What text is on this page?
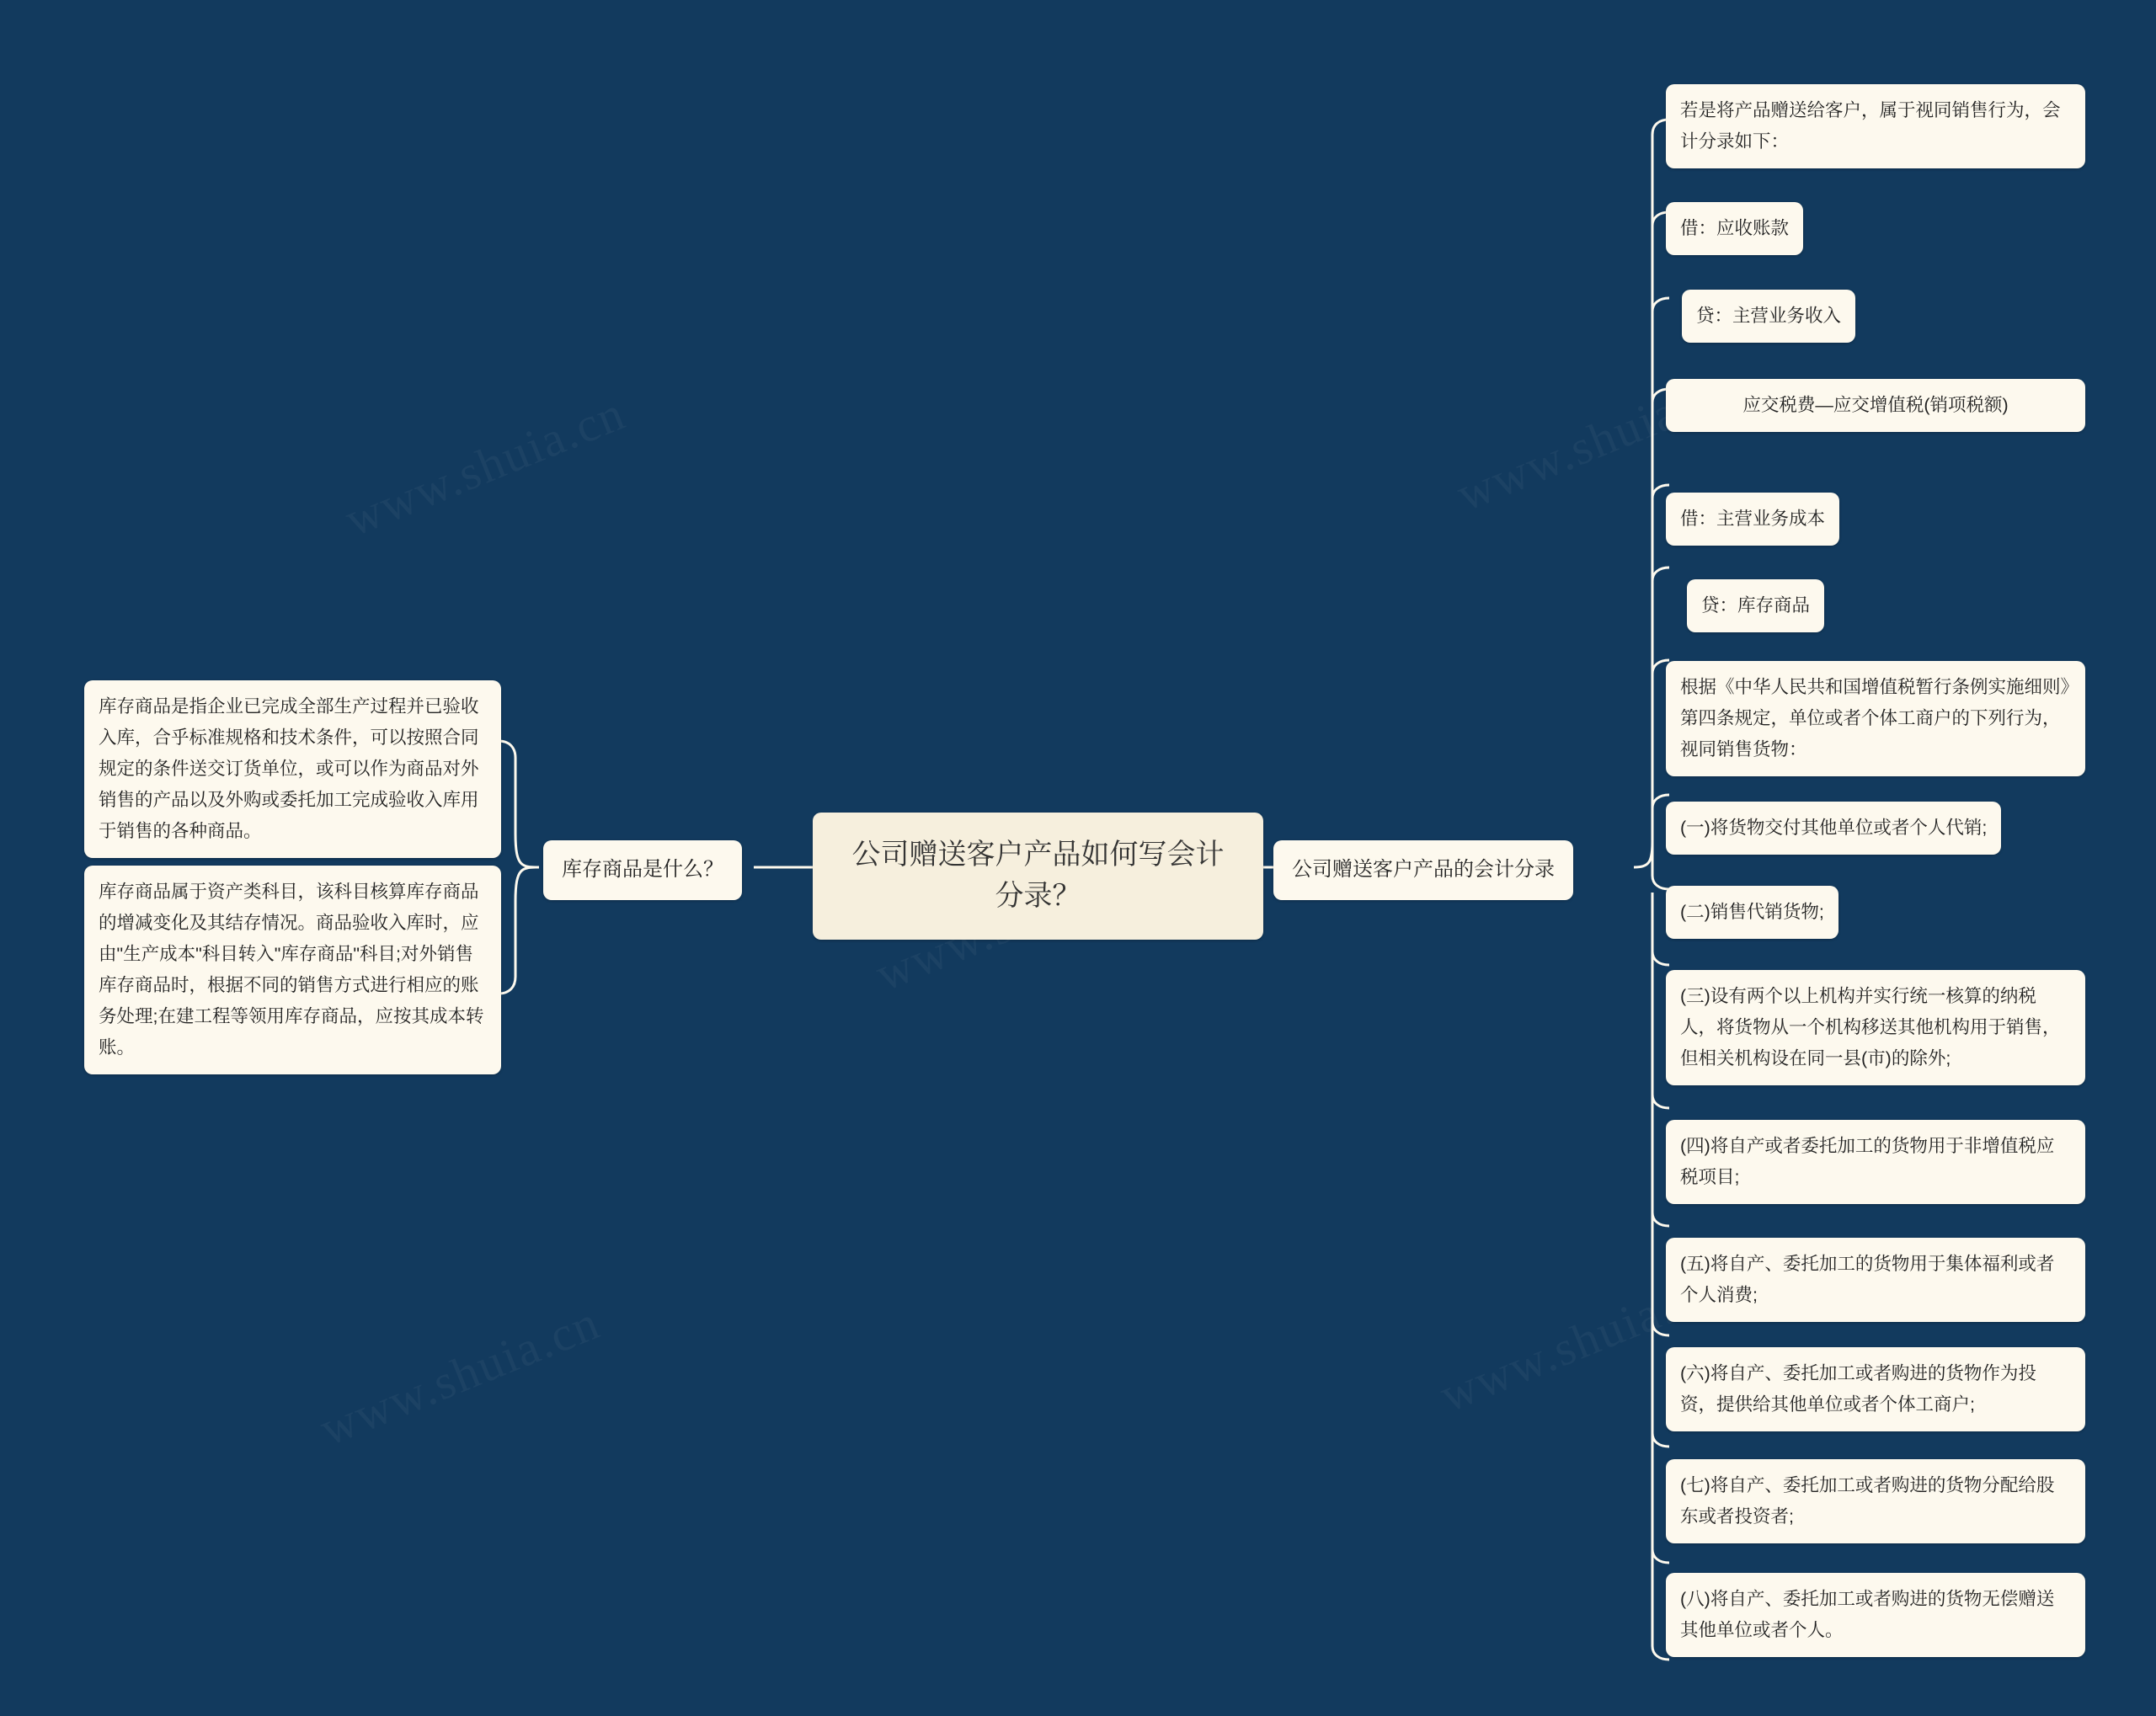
公司赠送客户产品如何写会计分录？
库存商品是什么？
库存商品是指企业已完成全部生产过程并已验收入库，合乎标准规格和技术条件，可以按照合同规定的条件送交订货单位，或可以作为商品对外销售的产品以及外购或委托加工完成验收入库用于销售的各种商品。
库存商品属于资产类科目，该科目核算库存商品的增减变化及其结存情况。商品验收入库时，应由"生产成本"科目转入"库存商品"科目;对外销售库存商品时，根据不同的销售方式进行相应的账务处理;在建工程等领用库存商品，应按其成本转账。
公司赠送客户产品的会计分录
若是将产品赠送给客户，属于视同销售行为，会计分录如下：
借：应收账款
贷：主营业务收入
应交税费—应交增值税(销项税额)
借：主营业务成本
贷：库存商品
根据《中华人民共和国增值税暂行条例实施细则》第四条规定，单位或者个体工商户的下列行为，视同销售货物：
(一)将货物交付其他单位或者个人代销;
(二)销售代销货物;
(三)设有两个以上机构并实行统一核算的纳税人，将货物从一个机构移送其他机构用于销售，但相关机构设在同一县(市)的除外;
(四)将自产或者委托加工的货物用于非增值税应税项目;
(五)将自产、委托加工的货物用于集体福利或者个人消费;
(六)将自产、委托加工或者购进的货物作为投资，提供给其他单位或者个体工商户;
(七)将自产、委托加工或者购进的货物分配给股东或者投资者;
(八)将自产、委托加工或者购进的货物无偿赠送其他单位或者个人。
